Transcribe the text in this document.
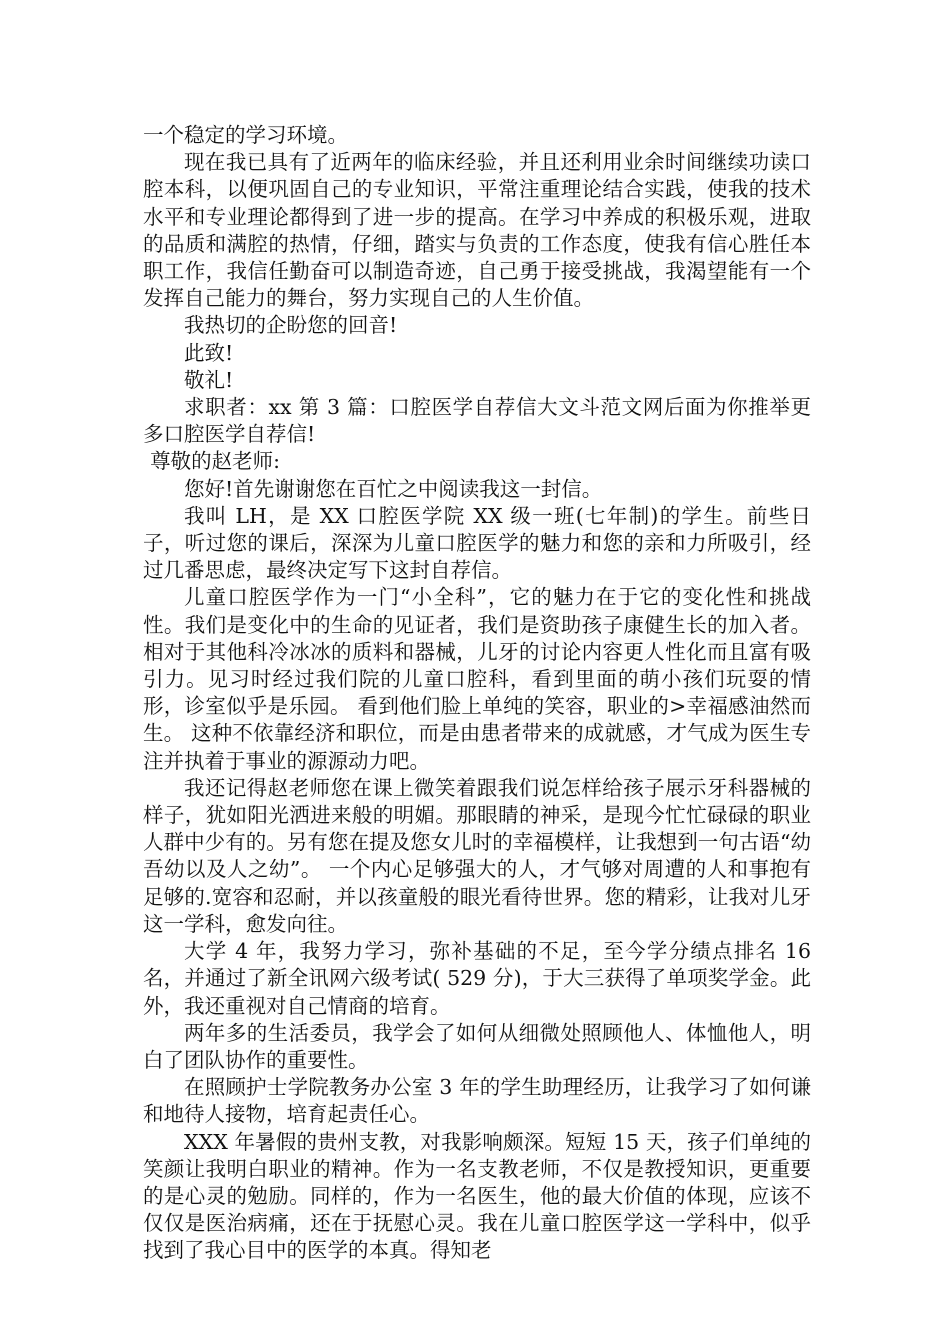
一个稳定的学习环境。

现在我已具有了近两年的临床经验，并且还利用业余时间继续功读口腔本科，以便巩固自己的专业知识，平常注重理论结合实践，使我的技术水平和专业理论都得到了进一步的提高。在学习中养成的积极乐观，进取的品质和满腔的热情，仔细，踏实与负责的工作态度，使我有信心胜任本职工作，我信任勤奋可以制造奇迹，自己勇于接受挑战，我渴望能有一个发挥自己能力的舞台，努力实现自己的人生价值。

我热切的企盼您的回音!

此致!

敬礼!

求职者：xx 第 3 篇：口腔医学自荐信大文斗范文网后面为你推举更多口腔医学自荐信!

尊敬的赵老师:

您好!首先谢谢您在百忙之中阅读我这一封信。

我叫 LH，是 XX 口腔医学院 XX 级一班(七年制)的学生。前些日子，听过您的课后，深深为儿童口腔医学的魅力和您的亲和力所吸引，经过几番思虑，最终决定写下这封自荐信。

儿童口腔医学作为一门“小全科”，它的魅力在于它的变化性和挑战性。我们是变化中的生命的见证者，我们是资助孩子康健生长的加入者。 相对于其他科冷冰冰的质料和器械，儿牙的讨论内容更人性化而且富有吸引力。见习时经过我们院的儿童口腔科，看到里面的萌小孩们玩耍的情形，诊室似乎是乐园。 看到他们脸上单纯的笑容，职业的>幸福感油然而生。 这种不依靠经济和职位，而是由患者带来的成就感，才气成为医生专注并执着于事业的源源动力吧。

我还记得赵老师您在课上微笑着跟我们说怎样给孩子展示牙科器械的样子，犹如阳光洒进来般的明媚。那眼睛的神采，是现今忙忙碌碌的职业人群中少有的。另有您在提及您女儿时的幸福模样，让我想到一句古语“幼吾幼以及人之幼”。 一个内心足够强大的人，才气够对周遭的人和事抱有足够的.宽容和忍耐，并以孩童般的眼光看待世界。您的精彩，让我对儿牙这一学科，愈发向往。

大学 4 年，我努力学习，弥补基础的不足，至今学分绩点排名 16 名，并通过了新全讯网六级考试( 529 分)，于大三获得了单项奖学金。此外，我还重视对自己情商的培育。

两年多的生活委员，我学会了如何从细微处照顾他人、体恤他人，明白了团队协作的重要性。

在照顾护士学院教务办公室 3 年的学生助理经历，让我学习了如何谦和地待人接物，培育起责任心。

XXX 年暑假的贵州支教，对我影响颇深。短短 15 天，孩子们单纯的笑颜让我明白职业的精神。作为一名支教老师，不仅是教授知识，更重要的是心灵的勉励。同样的，作为一名医生，他的最大价值的体现，应该不仅仅是医治病痛，还在于抚慰心灵。我在儿童口腔医学这一学科中，似乎找到了我心目中的医学的本真。得知老
